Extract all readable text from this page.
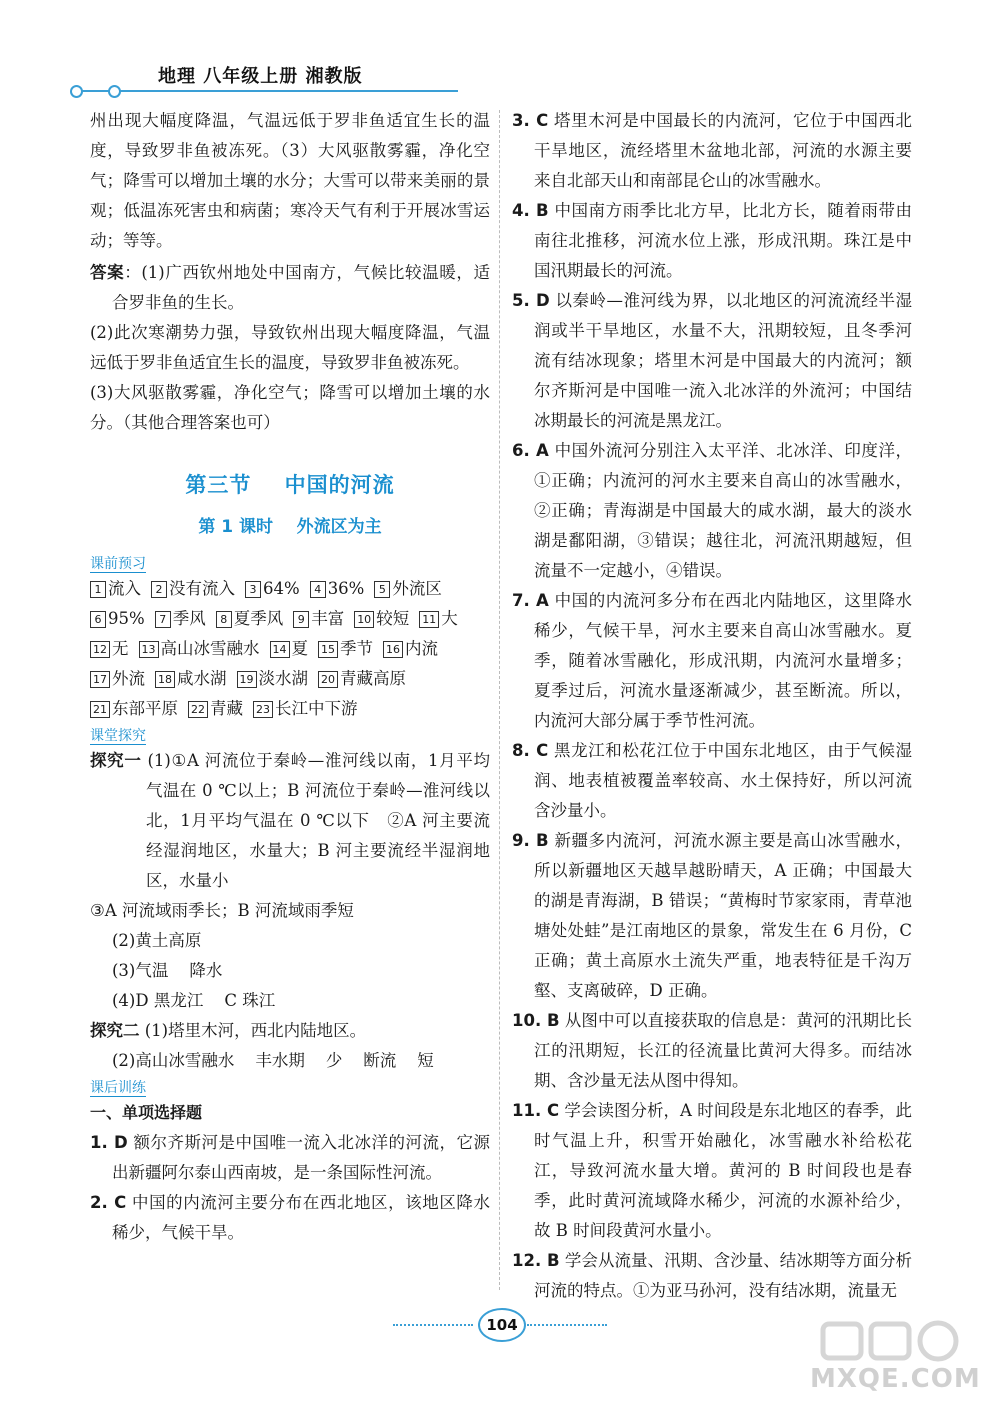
地理 八年级上册 湘教版

州出现大幅度降温，气温远低于罗非鱼适宜生长的温度，导致罗非鱼被冻死。（3）大风驱散雾霾，净化空气；降雪可以增加土壤的水分；大雪可以带来美丽的景观；低温冻死害虫和病菌；寒冷天气有利于开展冰雪运动；等等。

答案：(1)广西钦州地处中国南方，气候比较温暖，适合罗非鱼的生长。

(2)此次寒潮势力强，导致钦州出现大幅度降温，气温远低于罗非鱼适宜生长的温度，导致罗非鱼被冻死。

(3)大风驱散雾霾，净化空气；降雪可以增加土壤的水分。（其他合理答案也可）

第三节    中国的河流
第 1 课时    外流区为主
课前预习
1 流入 2 没有流入 3 64% 4 36% 5 外流区6 95% 7 季风 8 夏季风 9 丰富 10 较短 11 大12 无 13 高山冰雪融水 14 夏 15 季节 16 内流17 外流 18 咸水湖 19 淡水湖 20 青藏高原21 东部平原 22 青藏 23 长江中下游
课堂探究

探究一 (1)①A 河流位于秦岭—淮河线以南，1月平均气温在 0 ℃以上；B 河流位于秦岭—淮河线以北，1月平均气温在 0 ℃以下   ②A 河主要流经湿润地区，水量大；B 河主要流经半湿润地区，水量小

③A 河流域雨季长；B 河流域雨季短

(2)黄土高原

(3)气温    降水

(4)D 黑龙江    C 珠江

探究二 (1)塔里木河，西北内陆地区。

(2)高山冰雪融水    丰水期    少    断流    短

课后训练
一、单项选择题

1. D 额尔齐斯河是中国唯一流入北冰洋的河流，它源出新疆阿尔泰山西南坡，是一条国际性河流。

2. C 中国的内流河主要分布在西北地区，该地区降水稀少，气候干旱。

3. C 塔里木河是中国最长的内流河，它位于中国西北干旱地区，流经塔里木盆地北部，河流的水源主要来自北部天山和南部昆仑山的冰雪融水。

4. B 中国南方雨季比北方早，比北方长，随着雨带由南往北推移，河流水位上涨，形成汛期。珠江是中国汛期最长的河流。

5. D 以秦岭—淮河线为界，以北地区的河流流经半湿润或半干旱地区，水量不大，汛期较短，且冬季河流有结冰现象；塔里木河是中国最大的内流河；额尔齐斯河是中国唯一流入北冰洋的外流河；中国结冰期最长的河流是黑龙江。

6. A 中国外流河分别注入太平洋、北冰洋、印度洋，①正确；内流河的河水主要来自高山的冰雪融水，②正确；青海湖是中国最大的咸水湖，最大的淡水湖是鄱阳湖，③错误；越往北，河流汛期越短，但流量不一定越小，④错误。

7. A 中国的内流河多分布在西北内陆地区，这里降水稀少，气候干旱，河水主要来自高山冰雪融水。夏季，随着冰雪融化，形成汛期，内流河水量增多；夏季过后，河流水量逐渐减少，甚至断流。所以，内流河大部分属于季节性河流。

8. C 黑龙江和松花江位于中国东北地区，由于气候湿润、地表植被覆盖率较高、水土保持好，所以河流含沙量小。

9. B 新疆多内流河，河流水源主要是高山冰雪融水，所以新疆地区天越旱越盼晴天，A 正确；中国最大的湖是青海湖，B 错误；“黄梅时节家家雨，青草池塘处处蛙”是江南地区的景象，常发生在 6 月份，C 正确；黄土高原水土流失严重，地表特征是千沟万壑、支离破碎，D 正确。

10. B 从图中可以直接获取的信息是：黄河的汛期比长江的汛期短，长江的径流量比黄河大得多。而结冰期、含沙量无法从图中得知。

11. C 学会读图分析，A 时间段是东北地区的春季，此时气温上升，积雪开始融化，冰雪融水补给松花江，导致河流水量大增。黄河的 B 时间段也是春季，此时黄河流域降水稀少，河流的水源补给少，故 B 时间段黄河水量小。

12. B 学会从流量、汛期、含沙量、结冰期等方面分析河流的特点。①为亚马孙河，没有结冰期，流量无

104
MXQE.COM
